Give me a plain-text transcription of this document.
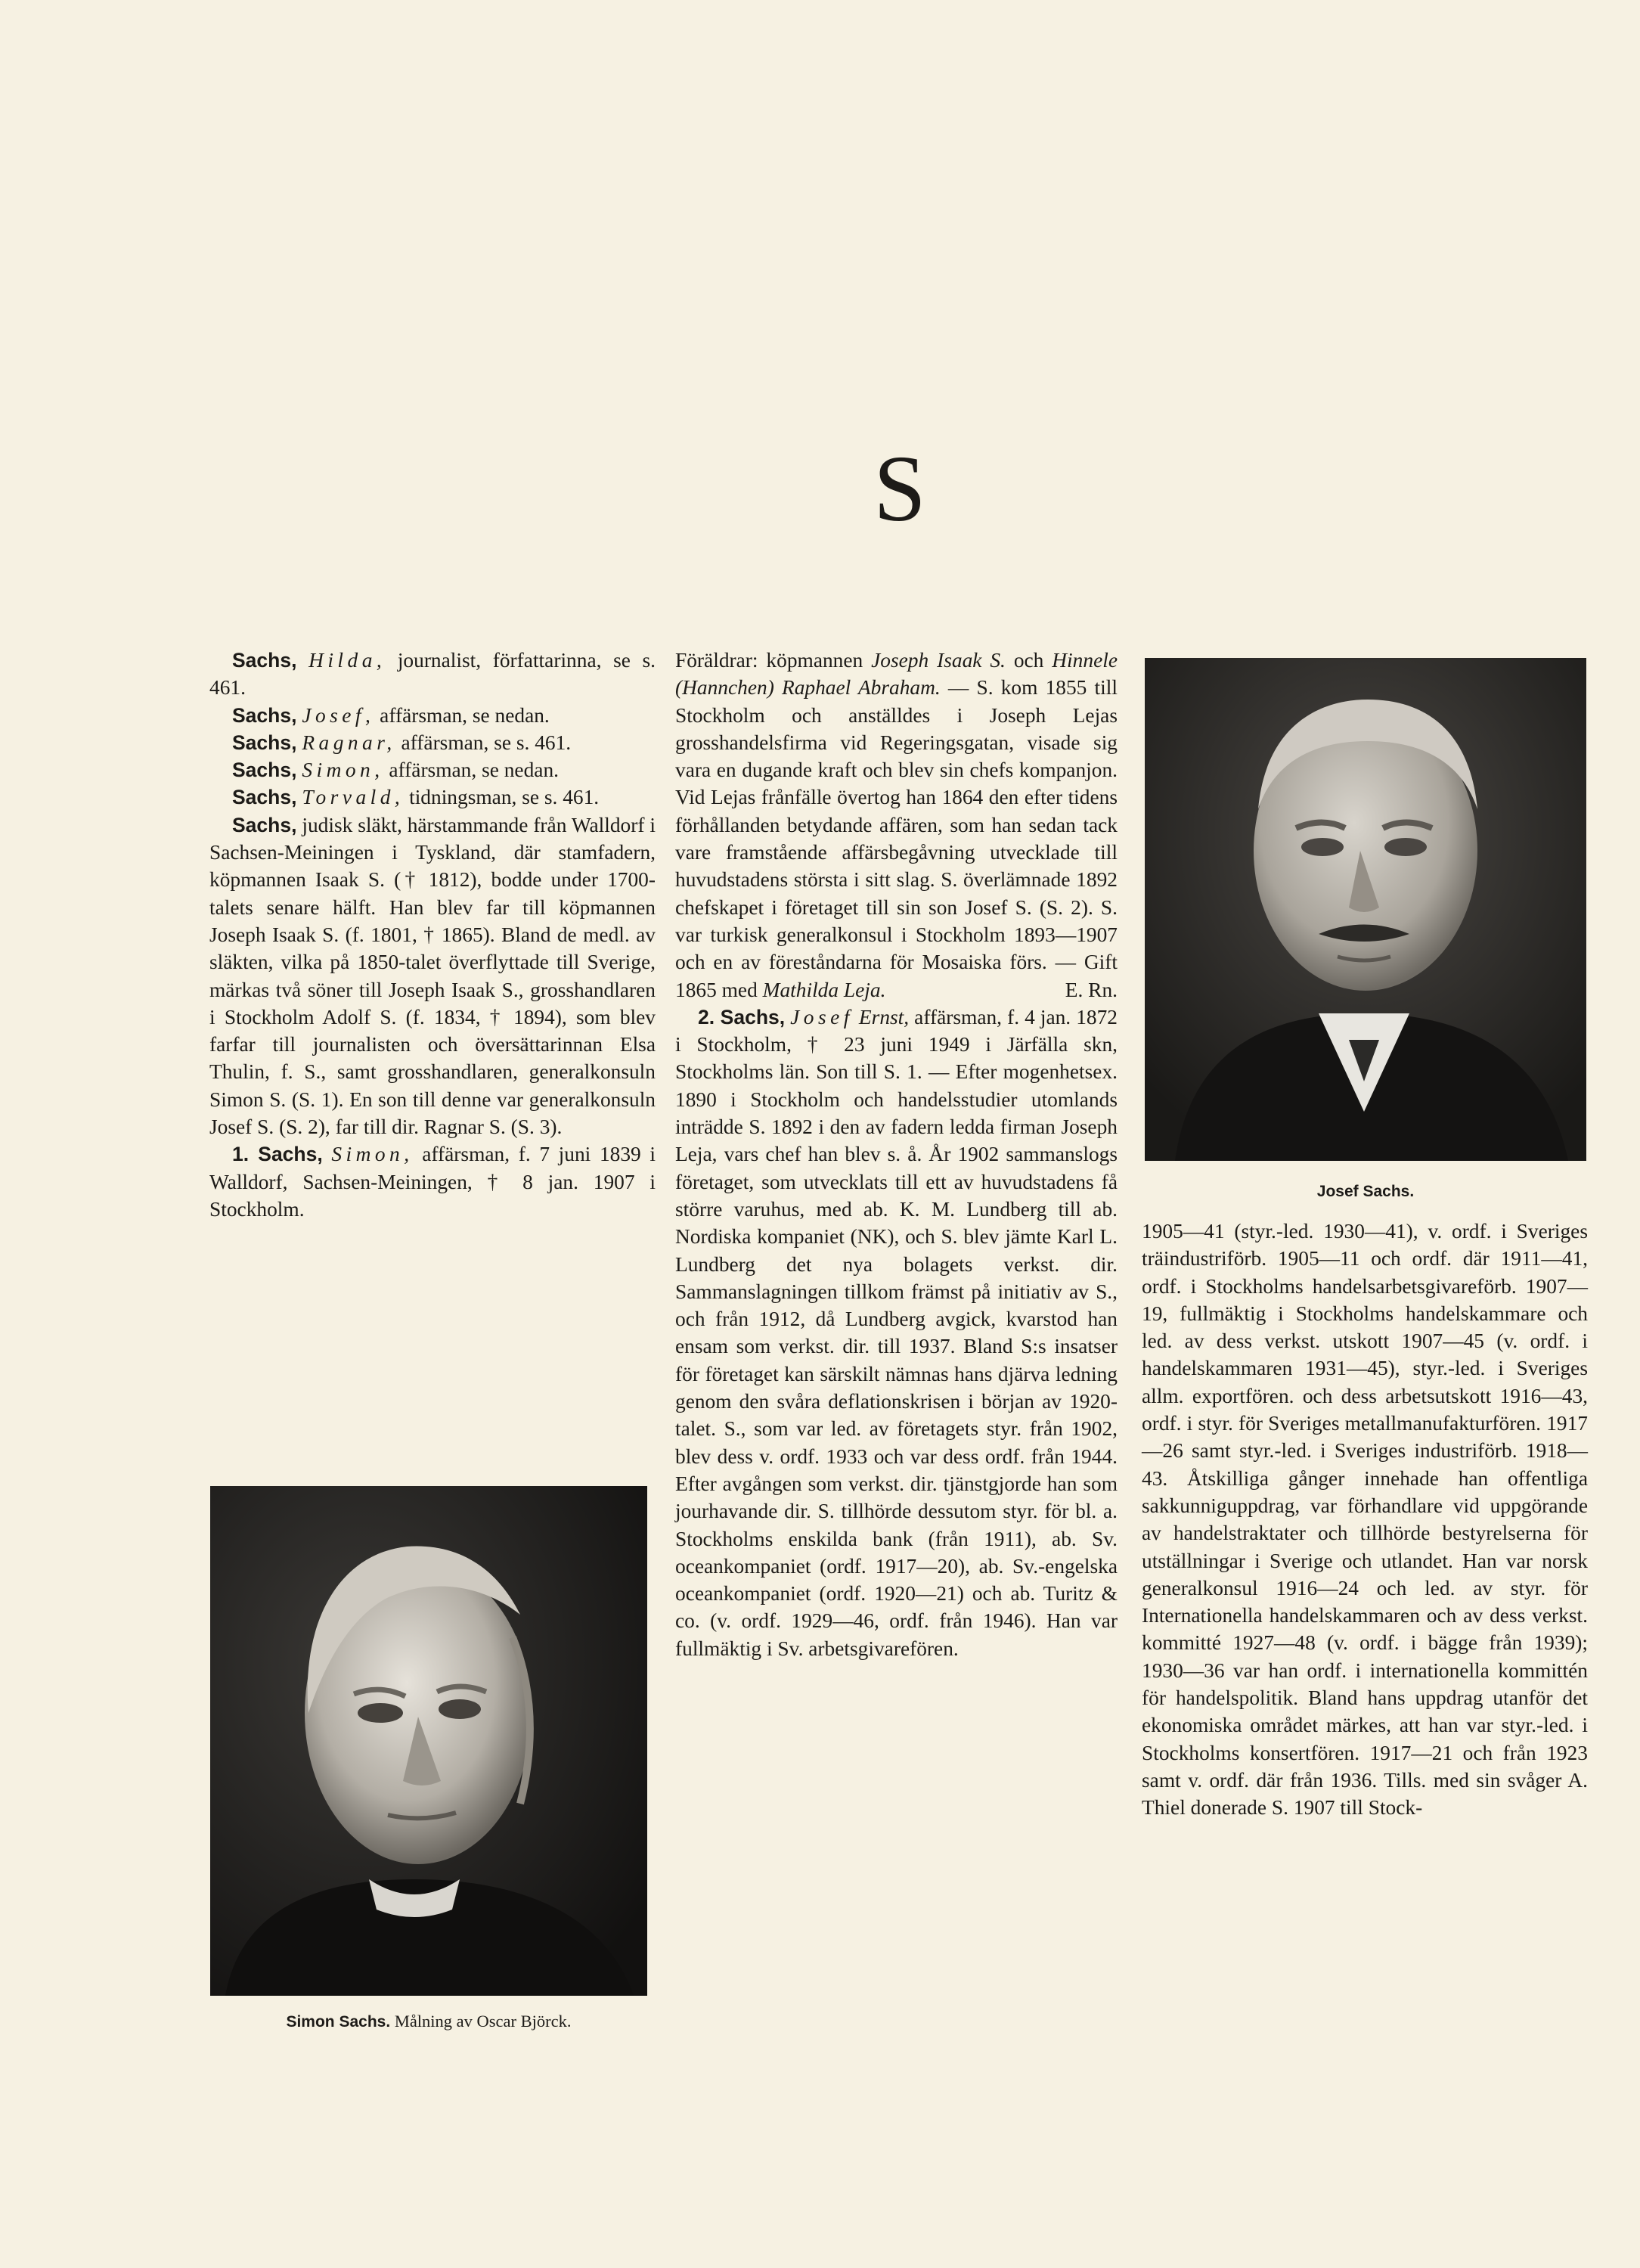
S

Sachs, Hilda, journalist, författarinna, se s. 461.

Sachs, Josef, affärsman, se nedan.

Sachs, Ragnar, affärsman, se s. 461.

Sachs, Simon, affärsman, se nedan.

Sachs, Torvald, tidningsman, se s. 461.

Sachs, judisk släkt, härstammande från Walldorf i Sachsen-Meiningen i Tyskland, där stamfadern, köpmannen Isaak S. († 1812), bodde under 1700-talets senare hälft. Han blev far till köpmannen Joseph Isaak S. (f. 1801, † 1865). Bland de medl. av släkten, vilka på 1850-talet överflyttade till Sverige, märkas två söner till Joseph Isaak S., grosshandlaren i Stockholm Adolf S. (f. 1834, † 1894), som blev farfar till journalisten och översättarinnan Elsa Thulin, f. S., samt grosshandlaren, generalkonsuln Simon S. (S. 1). En son till denne var generalkonsuln Josef S. (S. 2), far till dir. Ragnar S. (S. 3).

1. Sachs, Simon, affärsman, f. 7 juni 1839 i Walldorf, Sachsen-Meiningen, † 8 jan. 1907 i Stockholm.

Föräldrar: köpmannen Joseph Isaak S. och Hinnele (Hannchen) Raphael Abraham. — S. kom 1855 till Stockholm och anställdes i Joseph Lejas grosshandelsfirma vid Regeringsgatan, visade sig vara en dugande kraft och blev sin chefs kompanjon. Vid Lejas frånfälle övertog han 1864 den efter tidens förhållanden betydande affären, som han sedan tack vare framstående affärsbegåvning utvecklade till huvudstadens största i sitt slag. S. överlämnade 1892 chefskapet i företaget till sin son Josef S. (S. 2). S. var turkisk generalkonsul i Stockholm 1893—1907 och en av föreståndarna för Mosaiska förs. — Gift 1865 med Mathilda Leja.	E. Rn.

2. Sachs, Josef Ernst, affärsman, f. 4 jan. 1872 i Stockholm, † 23 juni 1949 i Järfälla skn, Stockholms län. Son till S. 1. — Efter mogenhetsex. 1890 i Stockholm och handelsstudier utomlands inträdde S. 1892 i den av fadern ledda firman Joseph Leja, vars chef han blev s. å. År 1902 sammanslogs företaget, som utvecklats till ett av huvudstadens få större varuhus, med ab. K. M. Lundberg till ab. Nordiska kompaniet (NK), och S. blev jämte Karl L. Lundberg det nya bolagets verkst. dir. Sammanslagningen tillkom främst på initiativ av S., och från 1912, då Lundberg avgick, kvarstod han ensam som verkst. dir. till 1937. Bland S:s insatser för företaget kan särskilt nämnas hans djärva ledning genom den svåra deflationskrisen i början av 1920-talet. S., som var led. av företagets styr. från 1902, blev dess v. ordf. 1933 och var dess ordf. från 1944. Efter avgången som verkst. dir. tjänstgjorde han som jourhavande dir. S. tillhörde dessutom styr. för bl. a. Stockholms enskilda bank (från 1911), ab. Sv. oceankompaniet (ordf. 1917—20), ab. Sv.-engelska oceankompaniet (ordf. 1920—21) och ab. Turitz & co. (v. ordf. 1929—46, ordf. från 1946). Han var fullmäktig i Sv. arbetsgivarefören.

1905—41 (styr.-led. 1930—41), v. ordf. i Sveriges träindustriförb. 1905—11 och ordf. där 1911—41, ordf. i Stockholms handelsarbetsgivareförb. 1907—19, fullmäktig i Stockholms handelskammare och led. av dess verkst. utskott 1907—45 (v. ordf. i handelskammaren 1931—45), styr.-led. i Sveriges allm. exportfören. och dess arbetsutskott 1916—43, ordf. i styr. för Sveriges metallmanufakturfören. 1917—26 samt styr.-led. i Sveriges industriförb. 1918—43. Åtskilliga gånger innehade han offentliga sakkunniguppdrag, var förhandlare vid uppgörande av handelstraktater och tillhörde bestyrelserna för utställningar i Sverige och utlandet. Han var norsk generalkonsul 1916—24 och led. av styr. för Internationella handelskammaren och av dess verkst. kommitté 1927—48 (v. ordf. i bägge från 1939); 1930—36 var han ordf. i internationella kommittén för handelspolitik. Bland hans uppdrag utanför det ekonomiska området märkes, att han var styr.-led. i Stockholms konsertfören. 1917—21 och från 1923 samt v. ordf. där från 1936. Tills. med sin svåger A. Thiel donerade S. 1907 till Stock-

Josef Sachs.
Simon Sachs. Målning av Oscar Björck.
